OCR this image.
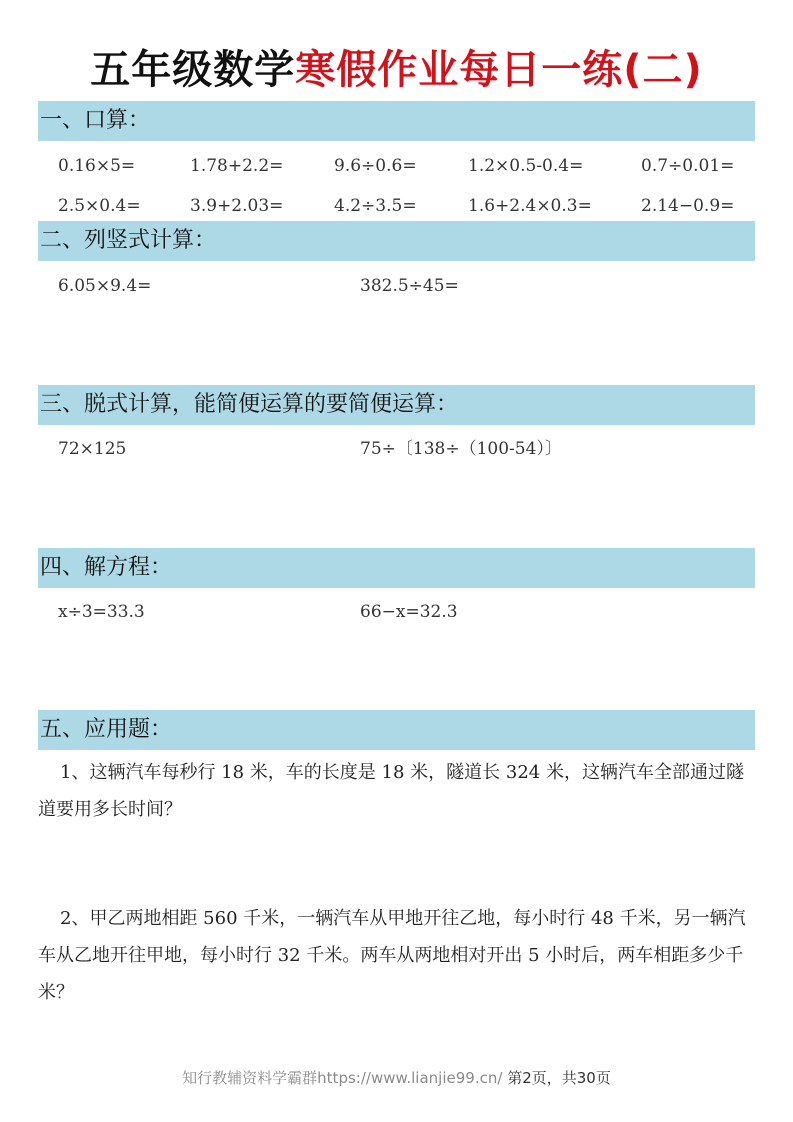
五年级数学寒假作业每日一练(二)
一、口算：
0.16×5=	1.78+2.2=	9.6÷0.6=	1.2×0.5-0.4=	0.7÷0.01=
2.5×0.4=	3.9+2.03=	4.2÷3.5=	1.6+2.4×0.3=	2.14−0.9=
二、列竖式计算：
6.05×9.4=	382.5÷45=
三、脱式计算，能简便运算的要简便运算：
72×125	75÷〔138÷（100-54）〕
四、解方程：
x÷3=33.3	66−x=32.3
五、应用题：
1、这辆汽车每秒行 18 米，车的长度是 18 米，隧道长 324 米，这辆汽车全部通过隧道要用多长时间？
2、甲乙两地相距 560 千米，一辆汽车从甲地开往乙地，每小时行 48 千米，另一辆汽车从乙地开往甲地，每小时行 32 千米。两车从两地相对开出 5 小时后，两车相距多少千米？
知行教辅资料学霸群https://www.lianjie99.cn/ 第2页，共30页
